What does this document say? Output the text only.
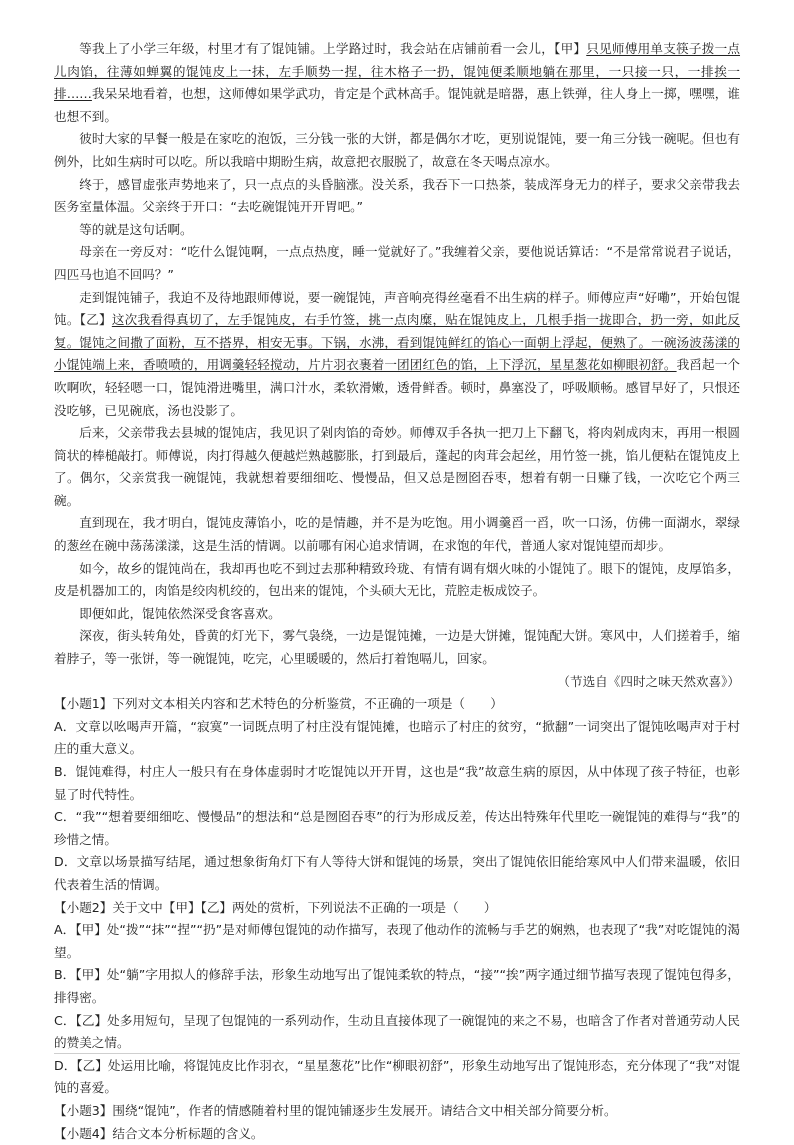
等我上了小学三年级，村里才有了馄饨铺。上学路过时，我会站在店铺前看一会儿，【甲】只见师傅用单支筷子拨一点儿肉馅，往薄如蝉翼的馄饨皮上一抹，左手顺势一捏，往木格子一扔，馄饨便柔顺地躺在那里，一只接一只，一排挨一排……我呆呆地看着，也想，这师傅如果学武功，肯定是个武林高手。馄饨就是暗器，惠上铁弹，往人身上一掷，嘿嘿，谁也想不到。

彼时大家的早餐一般是在家吃的泡饭，三分钱一张的大饼，都是偶尔才吃，更别说馄饨，要一角三分钱一碗呢。但也有例外，比如生病时可以吃。所以我暗中期盼生病，故意把衣服脱了，故意在冬天喝点凉水。

终于，感冒虚张声势地来了，只一点点的头昏脑涨。没关系，我吞下一口热茶，装成浑身无力的样子，要求父亲带我去医务室量体温。父亲终于开口：“去吃碗馄饨开开胃吧。”

等的就是这句话啊。

母亲在一旁反对：“吃什么馄饨啊，一点点热度，睡一觉就好了。”我缠着父亲，要他说话算话：“不是常常说君子说话，四匹马也追不回吗？”

走到馄饨铺子，我迫不及待地跟师傅说，要一碗馄饨，声音响亮得丝毫看不出生病的样子。师傅应声“好嘞”，开始包馄饨。【乙】这次我看得真切了，左手馄饨皮，右手竹签，挑一点肉糜，贴在馄饨皮上，几根手指一拢即合，扔一旁，如此反复。馄饨之间撒了面粉，互不搭界，相安无事。下锅，水沸，看到馄饨鲜红的馅心一面朝上浮起，便熟了。一碗汤波荡漾的小馄饨端上来，香喷喷的，用调羹轻轻搅动，片片羽衣裹着一团团红色的馅，上下浮沉，星星葱花如柳眼初舒。我舀起一个吹啊吹，轻轻嗯一口，馄饨滑进嘴里，满口汁水，柔软滑嫩，透骨鲜香。顿时，鼻塞没了，呼吸顺畅。感冒早好了，只恨还没吃够，已见碗底，汤也没影了。

后来，父亲带我去县城的馄饨店，我见识了剁肉馅的奇妙。师傅双手各执一把刀上下翻飞，将肉剁成肉末，再用一根圆筒状的棒槌敲打。师傅说，肉打得越久便越烂熟越膨胀，打到最后，蓬起的肉茸会起丝，用竹签一挑，馅儿便粘在馄饨皮上了。偶尔，父亲赏我一碗馄饨，我就想着要细细吃、慢慢品，但又总是囫囵吞枣，想着有朝一日赚了钱，一次吃它个两三碗。

直到现在，我才明白，馄饨皮薄馅小，吃的是情趣，并不是为吃饱。用小调羹舀一舀，吹一口汤，仿佛一面湖水，翠绿的葱丝在碗中荡荡漾漾，这是生活的情调。以前哪有闲心追求情调，在求饱的年代，普通人家对馄饨望而却步。

如今，故乡的馄饨尚在，我却再也吃不到过去那种精致玲珑、有情有调有烟火味的小馄饨了。眼下的馄饨，皮厚馅多，皮是机器加工的，肉馅是绞肉机绞的，包出来的馄饨，个头硕大无比，荒腔走板成饺子。

即便如此，馄饨依然深受食客喜欢。

深夜，街头转角处，昏黄的灯光下，雾气袅绕，一边是馄饨摊，一边是大饼摊，馄饨配大饼。寒风中，人们搓着手，缩着脖子，等一张饼，等一碗馄饨，吃完，心里暖暖的，然后打着饱嗝儿，回家。

（节选自《四时之味天然欢喜》）

【小题1】下列对文本相关内容和艺术特色的分析鉴赏，不正确的一项是（　　）

A．文章以吆喝声开篇，“寂寞”一词既点明了村庄没有馄饨摊，也暗示了村庄的贫穷，“掀翻”一词突出了馄饨吆喝声对于村庄的重大意义。

B．馄饨难得，村庄人一般只有在身体虚弱时才吃馄饨以开开胃，这也是“我”故意生病的原因，从中体现了孩子特征，也彰显了时代特性。

C．“我”“想着要细细吃、慢慢品”的想法和“总是囫囵吞枣”的行为形成反差，传达出特殊年代里吃一碗馄饨的难得与“我”的珍惜之情。

D．文章以场景描写结尾，通过想象街角灯下有人等待大饼和馄饨的场景，突出了馄饨依旧能给寒风中人们带来温暖，依旧代表着生活的情调。

【小题2】关于文中【甲】【乙】两处的赏析，下列说法不正确的一项是（　　）

A．【甲】处“拨”“抹”“捏”“扔”是对师傅包馄饨的动作描写，表现了他动作的流畅与手艺的娴熟，也表现了“我”对吃馄饨的渴望。

B．【甲】处“躺”字用拟人的修辞手法，形象生动地写出了馄饨柔软的特点，“接”“挨”两字通过细节描写表现了馄饨包得多，排得密。

C．【乙】处多用短句，呈现了包馄饨的一系列动作，生动且直接体现了一碗馄饨的来之不易，也暗含了作者对普通劳动人民的赞美之情。

D．【乙】处运用比喻，将馄饨皮比作羽衣，“星星葱花”比作“柳眼初舒”，形象生动地写出了馄饨形态，充分体现了“我”对馄饨的喜爱。

【小题3】围绕“馄饨”，作者的情感随着村里的馄饨铺逐步生发展开。请结合文中相关部分简要分析。

【小题4】结合文本分析标题的含义。
